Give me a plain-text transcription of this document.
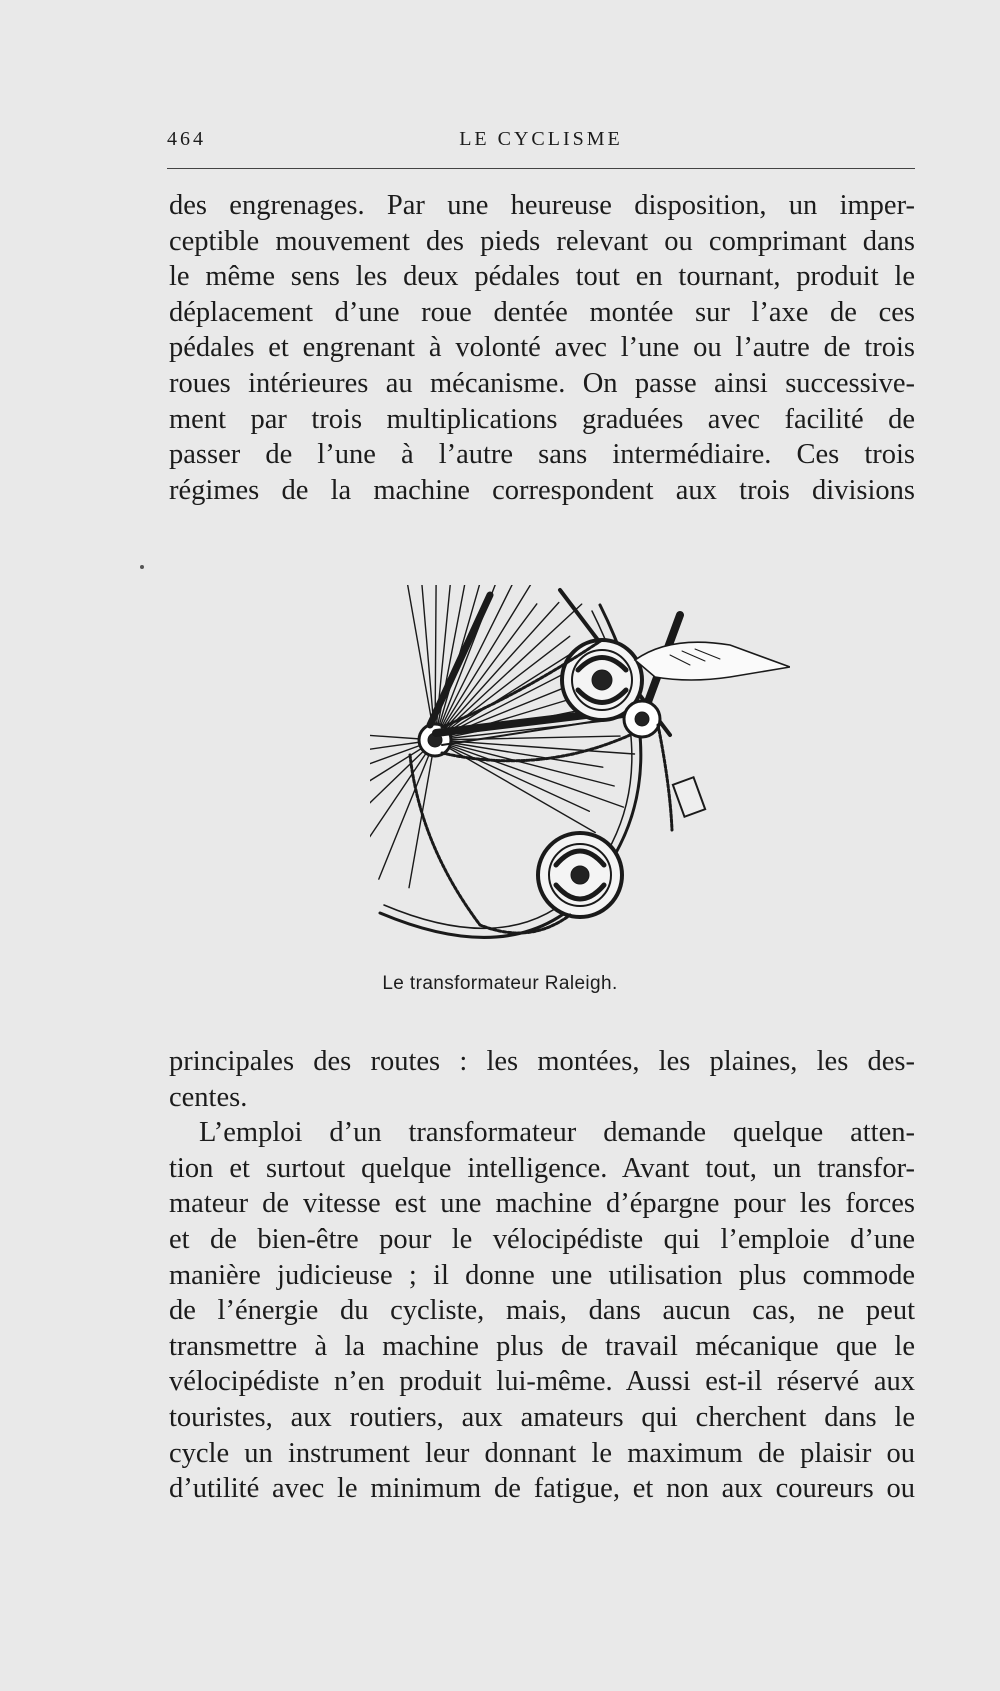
464	LE CYCLISME
des engrenages. Par une heureuse disposition, un imper-
ceptible mouvement des pieds relevant ou comprimant dans
le même sens les deux pédales tout en tournant, produit le
déplacement d’une roue dentée montée sur l’axe de ces
pédales et engrenant à volonté avec l’une ou l’autre de trois
roues intérieures au mécanisme. On passe ainsi successive-
ment par trois multiplications graduées avec facilité de
passer de l’une à l’autre sans intermédiaire. Ces trois
régimes de la machine correspondent aux trois divisions
Le transformateur Raleigh.
principales des routes : les montées, les plaines, les des-
centes.
L’emploi d’un transformateur demande quelque atten-
tion et surtout quelque intelligence. Avant tout, un transfor-
mateur de vitesse est une machine d’épargne pour les forces
et de bien-être pour le vélocipédiste qui l’emploie d’une
manière judicieuse ; il donne une utilisation plus commode
de l’énergie du cycliste, mais, dans aucun cas, ne peut
transmettre à la machine plus de travail mécanique que le
vélocipédiste n’en produit lui-même. Aussi est-il réservé aux
touristes, aux routiers, aux amateurs qui cherchent dans le
cycle un instrument leur donnant le maximum de plaisir ou
d’utilité avec le minimum de fatigue, et non aux coureurs ou
